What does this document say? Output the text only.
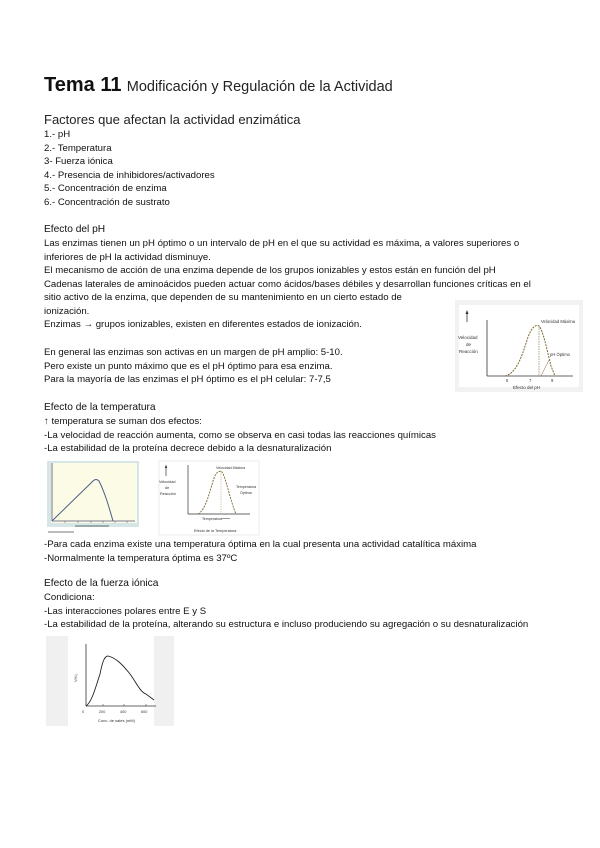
Tema 11 Modificación y Regulación de la Actividad
Factores que afectan la actividad enzimática
1.- pH
2.- Temperatura
3- Fuerza iónica
4.- Presencia de inhibidores/activadores
5.- Concentración de enzima
6.- Concentración de sustrato
Efecto del pH
Las enzimas tienen un pH óptimo o un intervalo de pH en el que su actividad es máxima, a valores superiores o
inferiores de pH la actividad disminuye.
El mecanismo de acción de una enzima depende de los grupos ionizables y estos están en función del pH
Cadenas laterales de aminoácidos pueden actuar como ácidos/bases débiles y desarrollan funciones críticas en el
sitio activo de la enzima, que dependen de su mantenimiento en un cierto estado de
ionización.
Enzimas → grupos ionizables, existen en diferentes estados de ionización.
En general las enzimas son activas en un margen de pH amplio: 5-10.
Pero existe un punto máximo que es el pH óptimo para esa enzima.
Para la mayoría de las enzimas el pH óptimo es el pH celular: 7-7,5
Velocidad
de
Reacción
Velocidad Máxima
pH Óptimo
5	7	9
Efecto del pH
Efecto de la temperatura
↑ temperatura se suman dos efectos:
-La velocidad de reacción aumenta, como se observa en casi todas las reacciones químicas
-La estabilidad de la proteína decrece debido a la desnaturalización
Velocidad
de
Reacción
Velocidad Máxima
Temperatura
Óptima
Temperatura
Efecto de la Temperatura
-Para cada enzima existe una temperatura óptima en la cual presenta una actividad catalítica máxima
-Normalmente la temperatura óptima es 37ºC
Efecto de la fuerza iónica
Condiciona:
-Las interacciones polares entre E y S
-La estabilidad de la proteína, alterando su estructura e incluso produciendo su agregación o su desnaturalización
V/V₀
0	200	400	600
Conc. de sales (mM)
